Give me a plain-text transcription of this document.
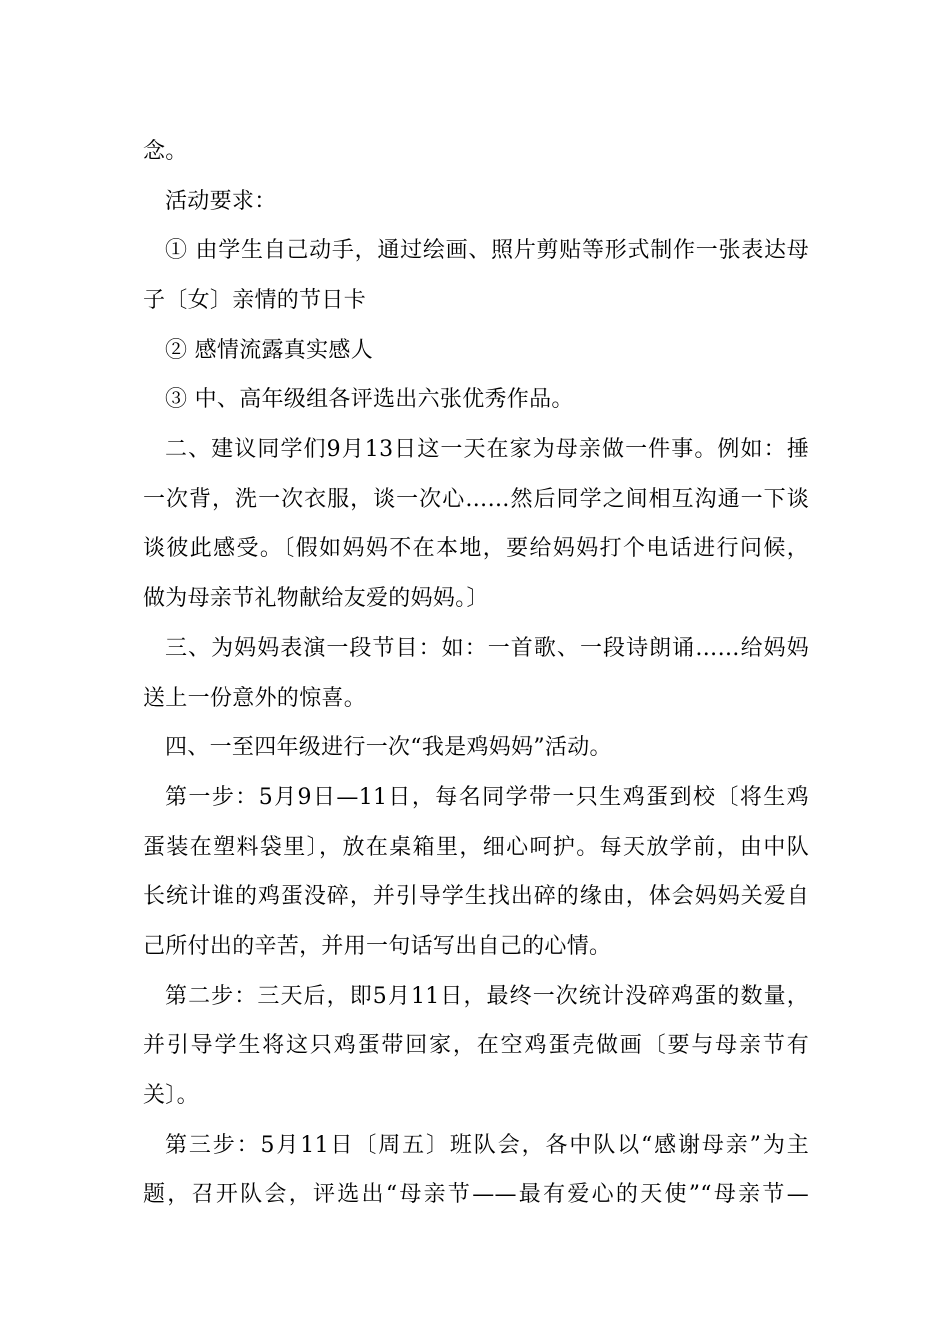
念。
活动要求：
① 由学生自己动手，通过绘画、照片剪贴等形式制作一张表达母
子〔女〕亲情的节日卡
② 感情流露真实感人
③ 中、高年级组各评选出六张优秀作品。
二、建议同学们9月13日这一天在家为母亲做一件事。例如：捶
一次背，洗一次衣服，谈一次心……然后同学之间相互沟通一下谈
谈彼此感受。〔假如妈妈不在本地，要给妈妈打个电话进行问候，
做为母亲节礼物献给友爱的妈妈。〕
三、为妈妈表演一段节目：如：一首歌、一段诗朗诵……给妈妈
送上一份意外的惊喜。
四、一至四年级进行一次“我是鸡妈妈”活动。
第一步：5月9日—11日，每名同学带一只生鸡蛋到校〔将生鸡
蛋装在塑料袋里〕，放在桌箱里，细心呵护。每天放学前，由中队
长统计谁的鸡蛋没碎，并引导学生找出碎的缘由，体会妈妈关爱自
己所付出的辛苦，并用一句话写出自己的心情。
第二步：三天后，即5月11日，最终一次统计没碎鸡蛋的数量，
并引导学生将这只鸡蛋带回家，在空鸡蛋壳做画〔要与母亲节有
关〕。
第三步：5月11日〔周五〕班队会，各中队以“感谢母亲”为主
题，召开队会，评选出“母亲节——最有爱心的天使”“母亲节—
